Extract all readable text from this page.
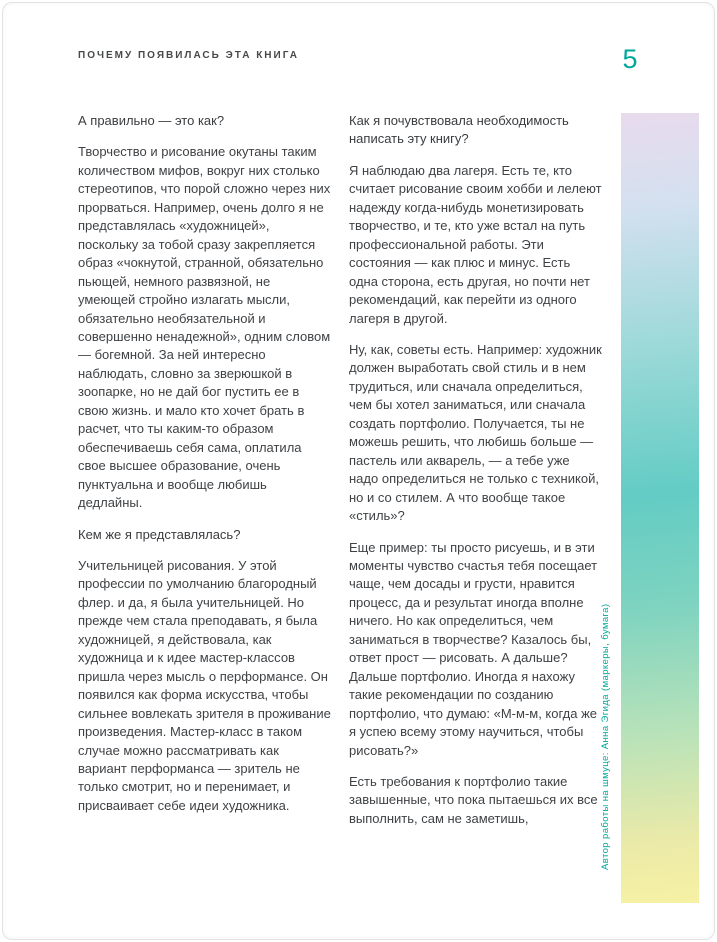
ПОЧЕМУ ПОЯВИЛАСЬ ЭТА КНИГА	5

А правильно — это как?

Творчество и рисование окутаны таким количеством мифов, вокруг них столько стереотипов, что порой сложно через них прорваться. Например, очень долго я не представлялась «художницей», поскольку за тобой сразу закрепляется образ «чокнутой, странной, обязательно пьющей, немного развязной, не умеющей стройно излагать мысли, обязательно необязательной и совершенно ненадежной», одним словом — богемной. За ней интересно наблюдать, словно за зверюшкой в зоопарке, но не дай бог пустить ее в свою жизнь. и мало кто хочет брать в расчет, что ты каким-то образом обеспечиваешь себя сама, оплатила свое высшее образование, очень пунктуальна и вообще любишь дедлайны.

Кем же я представлялась?

Учительницей рисования. У этой профессии по умолчанию благородный флер. и да, я была учительницей. Но прежде чем стала преподавать, я была художницей, я действовала, как художница и к идее мастер-классов пришла через мысль о перформансе. Он появился как форма искусства, чтобы сильнее вовлекать зрителя в проживание произведения. Мастер-класс в таком случае можно рассматривать как вариант перформанса — зритель не только смотрит, но и перенимает, и присваивает себе идеи художника.

Как я почувствовала необходимость написать эту книгу?

Я наблюдаю два лагеря. Есть те, кто считает рисование своим хобби и лелеют надежду когда-нибудь монетизировать творчество, и те, кто уже встал на путь профессиональной работы. Эти состояния — как плюс и минус. Есть одна сторона, есть другая, но почти нет рекомендаций, как перейти из одного лагеря в другой.

Ну, как, советы есть. Например: художник должен выработать свой стиль и в нем трудиться, или сначала определиться, чем бы хотел заниматься, или сначала создать портфолио. Получается, ты не можешь решить, что любишь больше — пастель или акварель, — а тебе уже надо определиться не только с техникой, но и со стилем. А что вообще такое «стиль»?

Еще пример: ты просто рисуешь, и в эти моменты чувство счастья тебя посещает чаще, чем досады и грусти, нравится процесс, да и результат иногда вполне ничего. Но как определиться, чем заниматься в творчестве? Казалось бы, ответ прост — рисовать. А дальше? Дальше портфолио. Иногда я нахожу такие рекомендации по созданию портфолио, что думаю: «М-м-м, когда же я успею всему этому научиться, чтобы рисовать?»

Есть требования к портфолио такие завышенные, что пока пытаешься их все выполнить, сам не заметишь,	Автор работы на шмуце: Анна Эгида (маркеры, бумага)
